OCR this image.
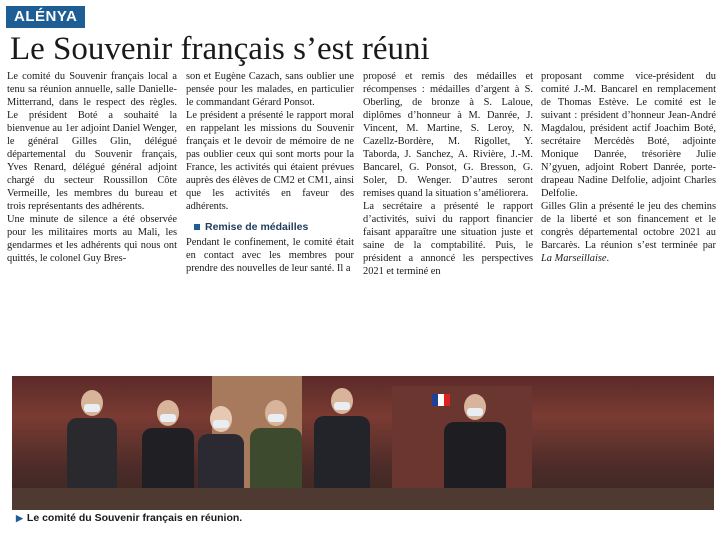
ALÉNYA
Le Souvenir français s’est réuni

Le comité du Souvenir français local a tenu sa réunion annuelle, salle Danielle-Mitterrand, dans le respect des règles. Le président Boté a souhaité la bienvenue au 1er adjoint Daniel Wenger, le général Gilles Glin, délégué départemental du Souvenir français, Yves Renard, délégué général adjoint chargé du secteur Roussillon Côte Vermeille, les membres du bureau et trois représentants des adhérents.

Une minute de silence a été observée pour les militaires morts au Mali, les gendarmes et les adhérents qui nous ont quittés, le colonel Guy Bres-

son et Eugène Cazach, sans oublier une pensée pour les malades, en particulier le commandant Gérard Ponsot.

Le président a présenté le rapport moral en rappelant les missions du Souvenir français et le devoir de mémoire de ne pas oublier ceux qui sont morts pour la France, les activités qui étaient prévues auprès des élèves de CM2 et CM1, ainsi que les activités en faveur des adhérents.

Remise de médailles

Pendant le confinement, le comité était en contact avec les membres pour prendre des nouvelles de leur santé. Il a

proposé et remis des médailles et récompenses : médailles d’argent à S. Oberling, de bronze à S. Laloue, diplômes d’honneur à M. Danrée, J. Vincent, M. Martine, S. Leroy, N. Cazellz-Bordère, M. Rigollet, Y. Taborda, J. Sanchez, A. Rivière, J.-M. Bancarel, G. Ponsot, G. Bresson, G. Soler, D. Wenger. D’autres seront remises quand la situation s’améliorera.

La secrétaire a présenté le rapport d’activités, suivi du rapport financier faisant apparaître une situation juste et saine de la comptabilité. Puis, le président a annoncé les perspectives 2021 et terminé en

proposant comme vice-président du comité J.-M. Bancarel en remplacement de Thomas Estève. Le comité est le suivant : président d’honneur Jean-André Magdalou, président actif Joachim Boté, secrétaire Mercédès Boté, adjointe Monique Danrée, trésorière Julie N’gyuen, adjoint Robert Danrée, porte-drapeau Nadine Delfolie, adjoint Charles Delfolie.

Gilles Glin a présenté le jeu des chemins de la liberté et son financement et le congrès départemental octobre 2021 au Barcarès. La réunion s’est terminée par La Marseillaise.

▶ Le comité du Souvenir français en réunion.
